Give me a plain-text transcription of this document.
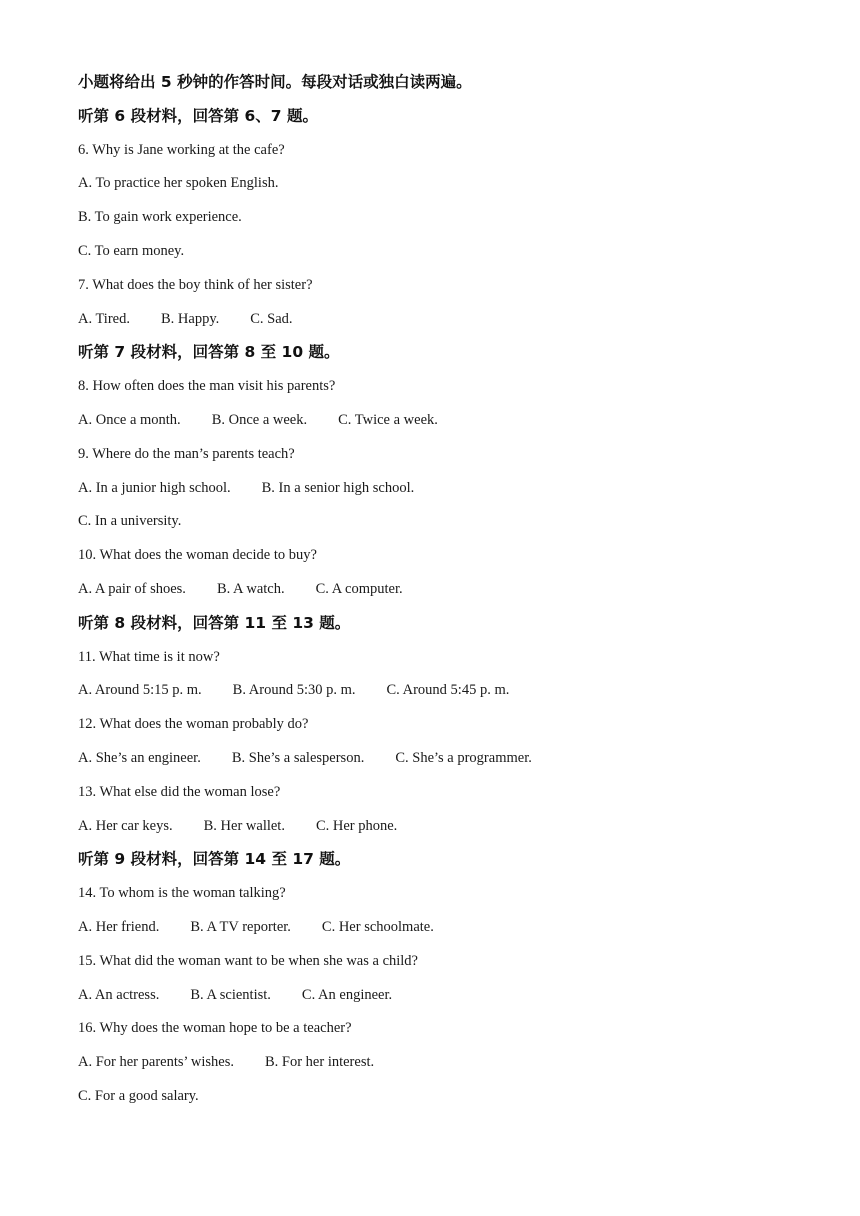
小题将给出 5 秒钟的作答时间。每段对话或独白读两遍。
听第 6 段材料，回答第 6、7 题。
6. Why is Jane working at the cafe?
A. To practice her spoken English.
B. To gain work experience.
C. To earn money.
7. What does the boy think of her sister?
A. Tired. B. Happy. C. Sad.
听第 7 段材料，回答第 8 至 10 题。
8. How often does the man visit his parents?
A. Once a month. B. Once a week. C. Twice a week.
9. Where do the man’s parents teach?
A. In a junior high school. B. In a senior high school.
C. In a university.
10. What does the woman decide to buy?
A. A pair of shoes. B. A watch. C. A computer.
听第 8 段材料，回答第 11 至 13 题。
11. What time is it now?
A. Around 5:15 p. m. B. Around 5:30 p. m. C. Around 5:45 p. m.
12. What does the woman probably do?
A. She’s an engineer. B. She’s a salesperson. C. She’s a programmer.
13. What else did the woman lose?
A. Her car keys. B. Her wallet. C. Her phone.
听第 9 段材料，回答第 14 至 17 题。
14. To whom is the woman talking?
A. Her friend. B. A TV reporter. C. Her schoolmate.
15. What did the woman want to be when she was a child?
A. An actress. B. A scientist. C. An engineer.
16. Why does the woman hope to be a teacher?
A. For her parents’ wishes. B. For her interest.
C. For a good salary.
